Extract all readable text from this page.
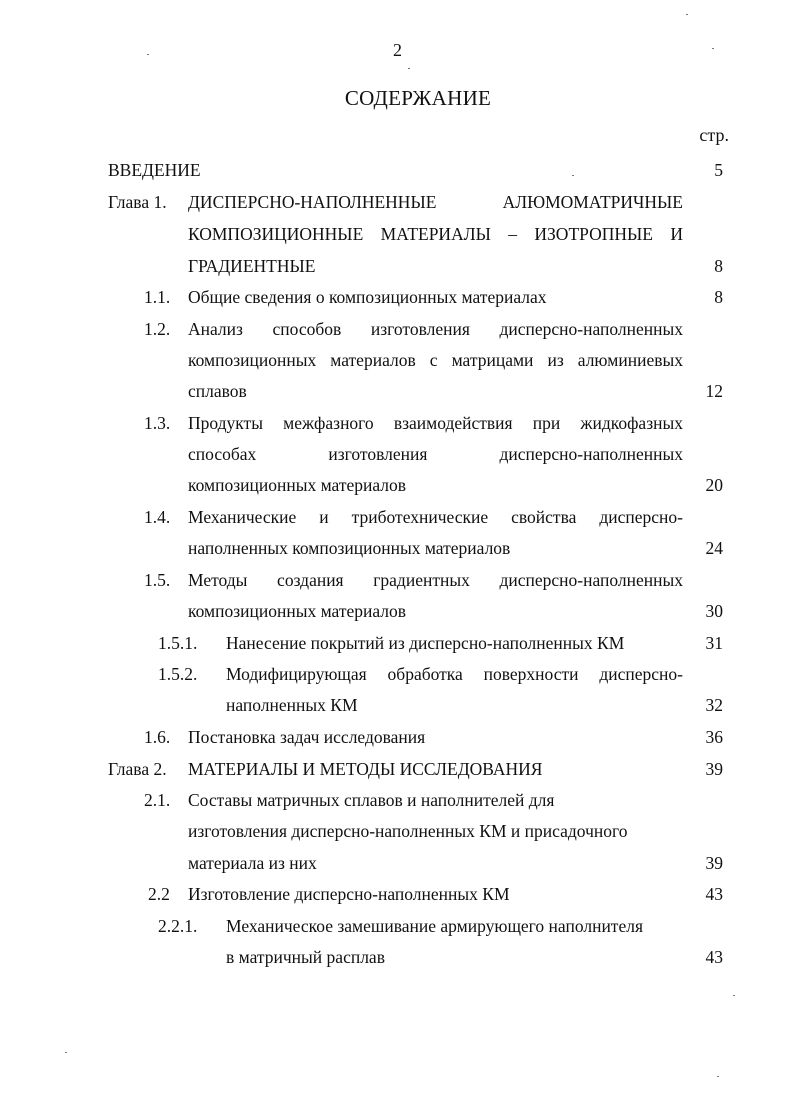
2
СОДЕРЖАНИЕ
стр.
ВВЕДЕНИЕ	5
Глава 1. ДИСПЕРСНО-НАПОЛНЕННЫЕ АЛЮМОМАТРИЧНЫЕ
КОМПОЗИЦИОННЫЕ МАТЕРИАЛЫ – ИЗОТРОПНЫЕ И
ГРАДИЕНТНЫЕ	8
1.1. Общие сведения о композиционных материалах	8
1.2. Анализ способов изготовления дисперсно-наполненных
композиционных материалов с матрицами из алюминиевых
сплавов	12
1.3. Продукты межфазного взаимодействия при жидкофазных
способах изготовления дисперсно-наполненных
композиционных материалов	20
1.4. Механические и триботехнические свойства дисперсно-
наполненных композиционных материалов	24
1.5. Методы создания градиентных дисперсно-наполненных
композиционных материалов	30
1.5.1. Нанесение покрытий из дисперсно-наполненных КМ	31
1.5.2. Модифицирующая обработка поверхности дисперсно-
наполненных КМ	32
1.6. Постановка задач исследования	36
Глава 2. МАТЕРИАЛЫ И МЕТОДЫ ИССЛЕДОВАНИЯ	39
2.1. Составы матричных сплавов и наполнителей для
изготовления дисперсно-наполненных КМ и присадочного
материала из них	39
2.2 Изготовление дисперсно-наполненных КМ	43
2.2.1. Механическое замешивание армирующего наполнителя
в матричный расплав	43
